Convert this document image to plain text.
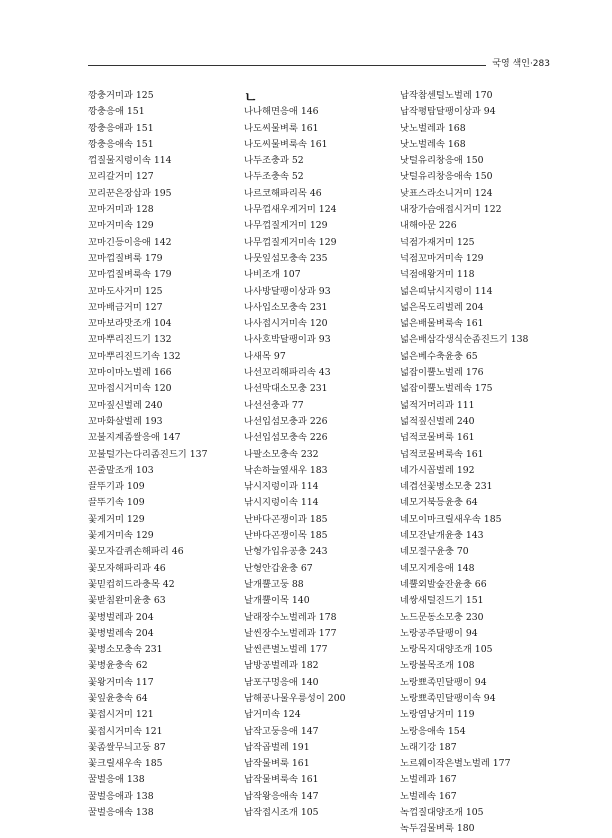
국영 색인·283
깡충거미과 125
깡충응애 151
깡충응애과 151
깡충응애속 151
껍질물지렁이속 114
꼬리갈거미 127
꼬리꾼은장삽과 195
꼬마거미과 128
꼬마거미속 129
꼬마긴등이응애 142
꼬마껍질벼룩 179
꼬마껍질벼룩속 179
꼬마도사거미 125
꼬마배금거미 127
꼬마보라맛조개 104
꼬마뿌리진드기 132
꼬마뿌리진드기속 132
꼬마이마노벌레 166
꼬마접시거미속 120
꼬마짚신벌레 240
꼬마화살벌레 193
꼬불지계좀쌀응애 147
꼬불털가는다리좀진드기 137
꼰줄말조개 103
끌뚜기과 109
끌뚜기속 109
꽃게거미 129
꽃게거미속 129
꽃모자갈퀴손해파리 46
꽃모자해파리과 46
꽃믿컵히드라충목 42
꽃받침완미윤충 63
꽃병벌레과 204
꽃병벌레속 204
꽃병소모충속 231
꽃병윤충속 62
꽃왕거미속 117
꽃잎윤충속 64
꽃접시거미 121
꽃접시거미속 121
꽃좀쌀무늬고둥 87
꽃크릴새우속 185
꿀벌응애 138
꿀벌응애과 138
꿀벌응애속 138
ㄴ
나나해면응애 146
나도씨물벼룩 161
나도씨물벼룩속 161
나두조충과 52
나두조충속 52
나르코해파리목 46
나무껍새우게거미 124
나무껍질게거미 129
나무껍질게거미속 129
나뭇잎섬모충속 235
나비조개 107
나사방달팽이상과 93
나사입소모충속 231
나사접시거미속 120
나사호박달팽이과 93
나새목 97
나선꼬리해파리속 43
나선막대소모충 231
나선선충과 77
나선입섬모충과 226
나선입섬모충속 226
나팔소모충속 232
낙손하늘옆새우 183
낚시지렁이과 114
낚시지렁이속 114
난바다곤쟁이과 185
난바다곤쟁이목 185
난형가입유공충 243
난형안갑윤충 67
날개뿔고둥 88
날개뿔이목 140
날래장수노벌레과 178
날씬장수노벌레과 177
날씬큰별노벌레 177
남방공벌레과 182
남포구멍응애 140
남해공나물우릉성이 200
납거미속 124
납작고둥응애 147
납작곱벌레 191
납작물벼룩 161
납작물벼룩속 161
납작왕응애속 147
납작접시조개 105
납작참센털노벌레 170
납작평탑달팽이상과 94
낫노벌레과 168
낫노벌레속 168
낫털유리창응애 150
낫털유리창응애속 150
낮표스라소니거미 124
내장가슴애접시거미 122
내해아문 226
넉점가재거미 125
넉점꼬마거미속 129
넉점애왕거미 118
넓은띠낚시지렁이 114
넓은목도리벌레 204
넓은배물벼룩속 161
넓은배삼각생식순좀진드기 138
넓은베수축윤충 65
넓잡이뿔노벌레 176
넓잡이뿔노벌레속 175
넓적거머리과 111
넓적짚신벌레 240
넙적코물벼룩 161
넙적코물벼룩속 161
네가시꼽벌레 192
네겹선꽃병소모충 231
네모거북등윤충 64
네모이마크릴새우속 185
네모잔낱개윤충 143
네모절구윤충 70
네모지게응애 148
네뿔외발숲잔윤충 66
네쌍새털진드기 151
노드문동소모충 230
노랑공주달팽이 94
노랑목지대양조개 105
노랑볼목조개 108
노랑뾰족민달팽이 94
노랑뾰족민달팽이속 94
노랑염낭거미 119
노랑응애속 154
노래기강 187
노르웨이작은별노벌레 177
노벌레과 167
노벌레속 167
녹껍질대양조개 105
녹두검물벼룩 180
